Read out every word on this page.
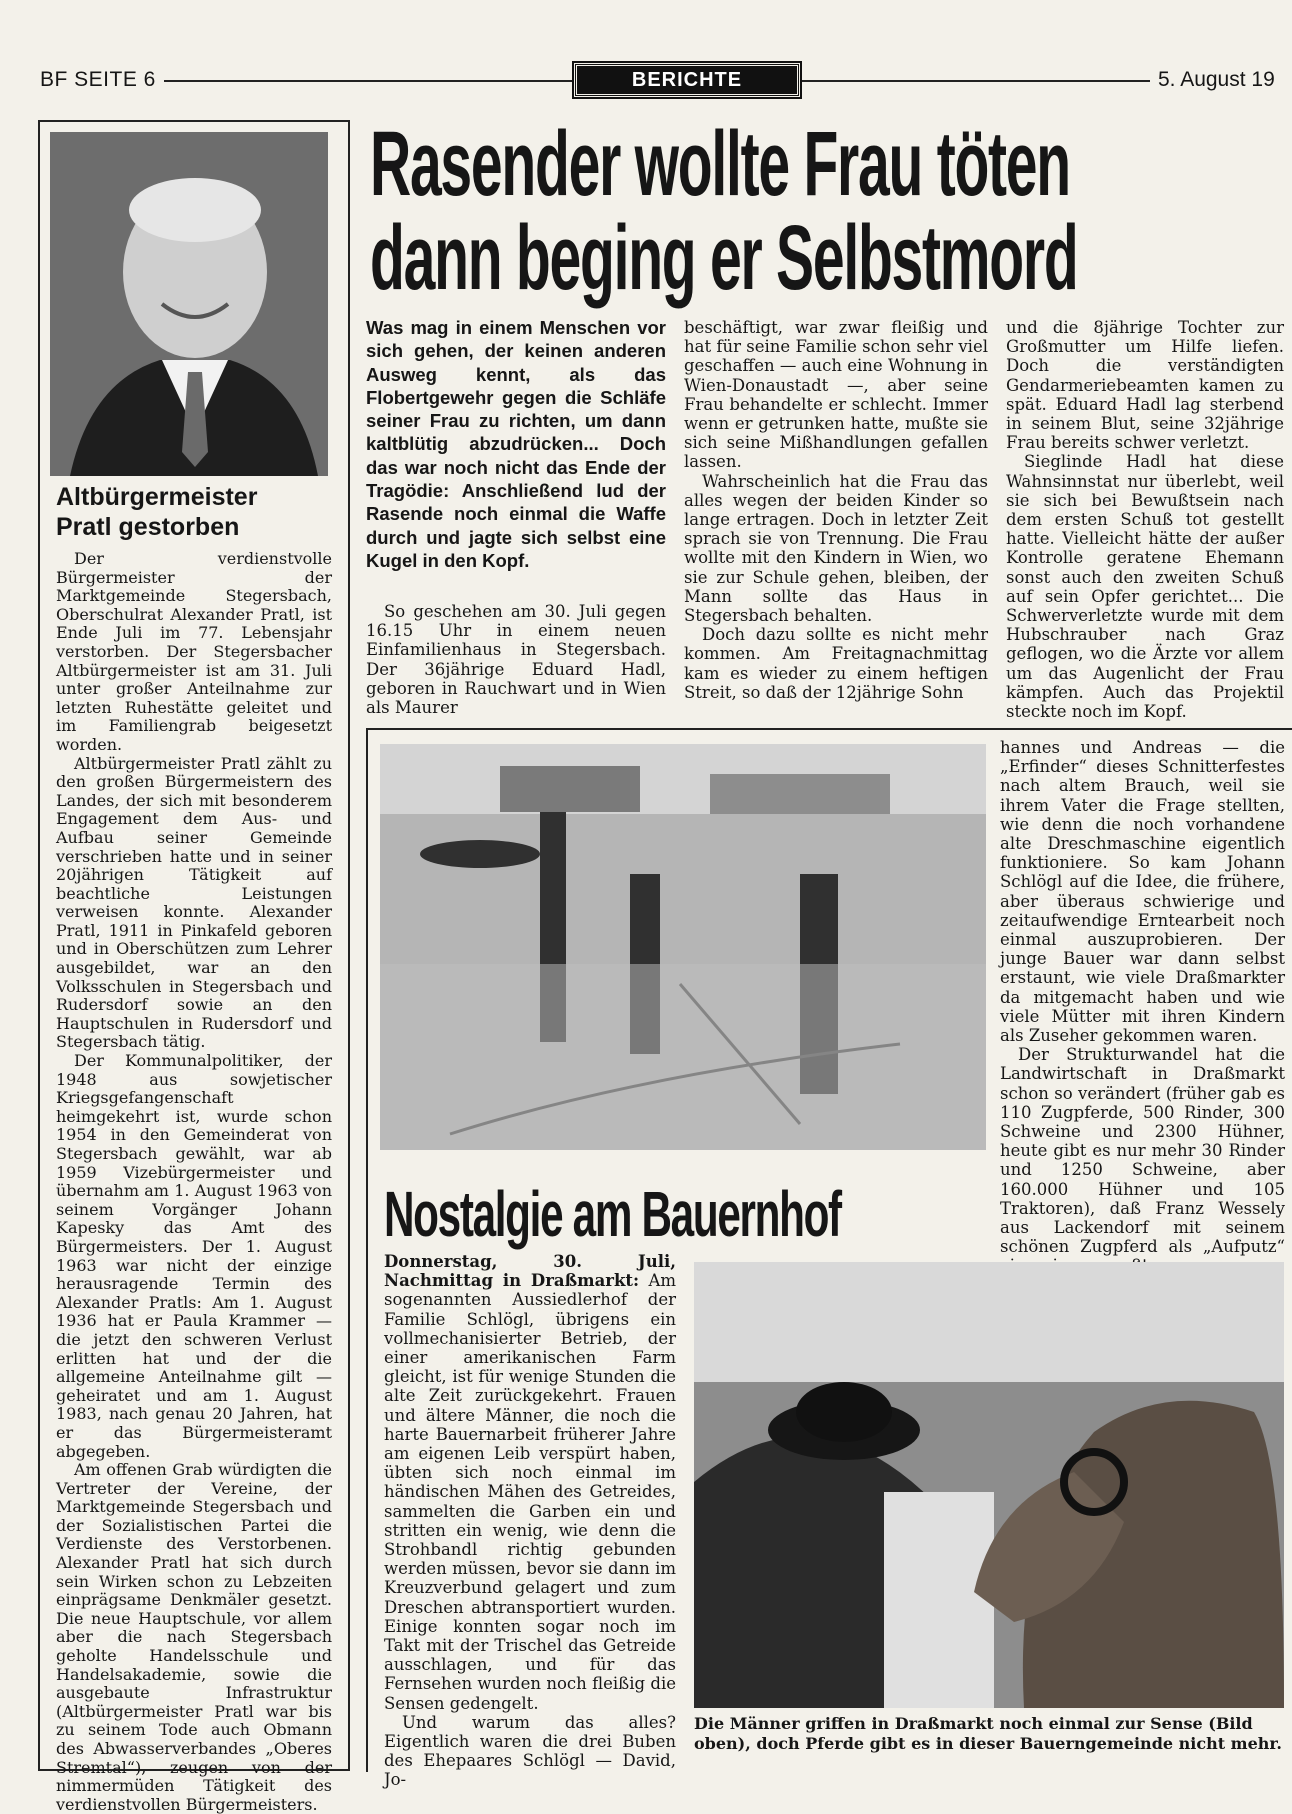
BF SEITE 6	BERICHTE	5. August 19
Altbürgermeister
Pratl gestorben

Der verdienstvolle Bürgermeister der Marktgemeinde Stegersbach, Oberschulrat Alexander Pratl, ist Ende Juli im 77. Lebensjahr verstorben. Der Stegersbacher Altbürgermeister ist am 31. Juli unter großer Anteilnahme zur letzten Ruhestätte geleitet und im Familiengrab beigesetzt worden.

Altbürgermeister Pratl zählt zu den großen Bürgermeistern des Landes, der sich mit besonderem Engagement dem Aus- und Aufbau seiner Gemeinde verschrieben hatte und in seiner 20jährigen Tätigkeit auf beachtliche Leistungen verweisen konnte. Alexander Pratl, 1911 in Pinkafeld geboren und in Oberschützen zum Lehrer ausgebildet, war an den Volksschulen in Stegersbach und Rudersdorf sowie an den Hauptschulen in Rudersdorf und Stegersbach tätig.

Der Kommunalpolitiker, der 1948 aus sowjetischer Kriegsgefangenschaft heimgekehrt ist, wurde schon 1954 in den Gemeinderat von Stegersbach gewählt, war ab 1959 Vizebürgermeister und übernahm am 1. August 1963 von seinem Vorgänger Johann Kapesky das Amt des Bürgermeisters. Der 1. August 1963 war nicht der einzige herausragende Termin des Alexander Pratls: Am 1. August 1936 hat er Paula Krammer — die jetzt den schweren Verlust erlitten hat und der die allgemeine Anteilnahme gilt — geheiratet und am 1. August 1983, nach genau 20 Jahren, hat er das Bürgermeisteramt abgegeben.

Am offenen Grab würdigten die Vertreter der Vereine, der Marktgemeinde Stegersbach und der Sozialistischen Partei die Verdienste des Verstorbenen. Alexander Pratl hat sich durch sein Wirken schon zu Lebzeiten einprägsame Denkmäler gesetzt. Die neue Hauptschule, vor allem aber die nach Stegersbach geholte Handelsschule und Handelsakademie, sowie die ausgebaute Infrastruktur (Altbürgermeister Pratl war bis zu seinem Tode auch Obmann des Abwasserverbandes „Oberes Stremtal“), zeugen von der nimmermüden Tätigkeit des verdienstvollen Bürgermeisters.

Rasender wollte Frau töten
dann beging er Selbstmord
Was mag in einem Menschen vor sich gehen, der keinen anderen Ausweg kennt, als das Flobertgewehr gegen die Schläfe seiner Frau zu richten, um dann kaltblütig abzudrücken... Doch das war noch nicht das Ende der Tragödie: Anschließend lud der Rasende noch einmal die Waffe durch und jagte sich selbst eine Kugel in den Kopf.

So geschehen am 30. Juli gegen 16.15 Uhr in einem neuen Einfamilienhaus in Stegersbach. Der 36jährige Eduard Hadl, geboren in Rauchwart und in Wien als Maurer

beschäftigt, war zwar fleißig und hat für seine Familie schon sehr viel geschaffen — auch eine Wohnung in Wien-Donaustadt —, aber seine Frau behandelte er schlecht. Immer wenn er getrunken hatte, mußte sie sich seine Mißhandlungen gefallen lassen.

Wahrscheinlich hat die Frau das alles wegen der beiden Kinder so lange ertragen. Doch in letzter Zeit sprach sie von Trennung. Die Frau wollte mit den Kindern in Wien, wo sie zur Schule gehen, bleiben, der Mann sollte das Haus in Stegersbach behalten.

Doch dazu sollte es nicht mehr kommen. Am Freitagnachmittag kam es wieder zu einem heftigen Streit, so daß der 12jährige Sohn

und die 8jährige Tochter zur Großmutter um Hilfe liefen. Doch die verständigten Gendarmeriebeamten kamen zu spät. Eduard Hadl lag sterbend in seinem Blut, seine 32jährige Frau bereits schwer verletzt.

Sieglinde Hadl hat diese Wahnsinnstat nur überlebt, weil sie sich bei Bewußtsein nach dem ersten Schuß tot gestellt hatte. Vielleicht hätte der außer Kontrolle geratene Ehemann sonst auch den zweiten Schuß auf sein Opfer gerichtet... Die Schwerverletzte wurde mit dem Hubschrauber nach Graz geflogen, wo die Ärzte vor allem um das Augenlicht der Frau kämpfen. Auch das Projektil steckte noch im Kopf.

Nostalgie am Bauernhof

Donnerstag, 30. Juli, Nachmittag in Draßmarkt: Am sogenannten Aussiedlerhof der Familie Schlögl, übrigens ein vollmechanisierter Betrieb, der einer amerikanischen Farm gleicht, ist für wenige Stunden die alte Zeit zurückgekehrt. Frauen und ältere Männer, die noch die harte Bauernarbeit früherer Jahre am eigenen Leib verspürt haben, übten sich noch einmal im händischen Mähen des Getreides, sammelten die Garben ein und stritten ein wenig, wie denn die Strohbandl richtig gebunden werden müssen, bevor sie dann im Kreuzverbund gelagert und zum Dreschen abtransportiert wurden. Einige konnten sogar noch im Takt mit der Trischel das Getreide ausschlagen, und für das Fernsehen wurden noch fleißig die Sensen gedengelt.

Und warum das alles? Eigentlich waren die drei Buben des Ehepaares Schlögl — David, Jo-

hannes und Andreas — die „Erfinder“ dieses Schnitterfestes nach altem Brauch, weil sie ihrem Vater die Frage stellten, wie denn die noch vorhandene alte Dreschmaschine eigentlich funktioniere. So kam Johann Schlögl auf die Idee, die frühere, aber überaus schwierige und zeitaufwendige Erntearbeit noch einmal auszuprobieren. Der junge Bauer war dann selbst erstaunt, wie viele Draßmarkter da mitgemacht haben und wie viele Mütter mit ihren Kindern als Zuseher gekommen waren.

Der Strukturwandel hat die Landwirtschaft in Draßmarkt schon so verändert (früher gab es 110 Zugpferde, 500 Rinder, 300 Schweine und 2300 Hühner, heute gibt es nur mehr 30 Rinder und 1250 Schweine, aber 160.000 Hühner und 105 Traktoren), daß Franz Wessely aus Lackendorf mit seinem schönen Zugpferd als „Aufputz“

Die Männer griffen in Draßmarkt noch einmal zur Sense (Bild oben), doch Pferde gibt es in dieser Bauerngemeinde nicht mehr.
